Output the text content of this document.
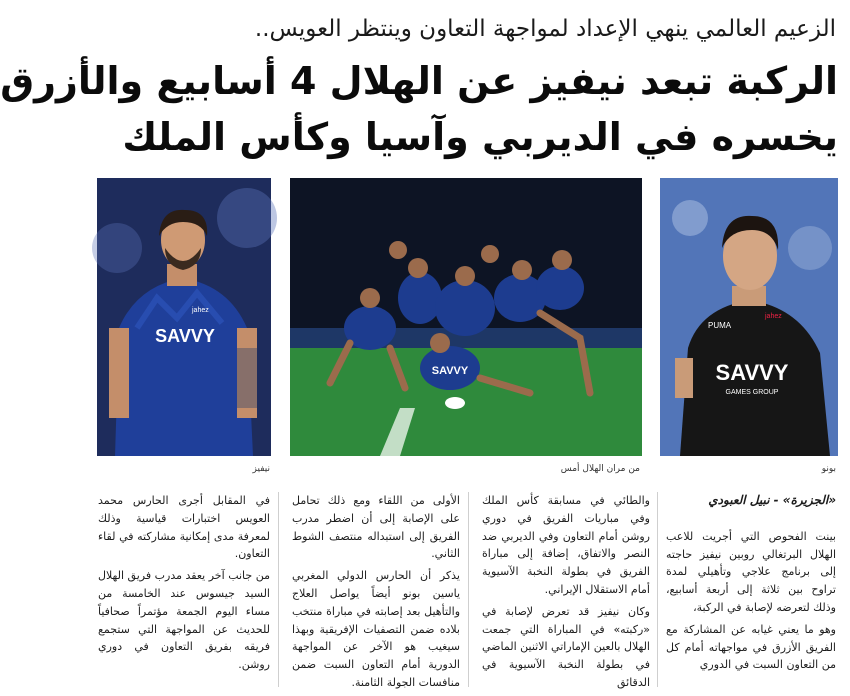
الزعيم العالمي ينهي الإعداد لمواجهة التعاون وينتظر العويس..
الركبة تبعد نيفيز عن الهلال 4 أسابيع والأزرق
يخسره في الديربي وآسيا وكأس الملك
SAVVY
GAMES GROUP
PUMA
jahez
SAVVY
SAVVY
jahez
بونو
من مران الهلال أمس
نيفيز
«الجزيرة» - نبيل العبودي

بينت الفحوص التي أجريت للاعب الهلال البرتغالي روبين نيفيز حاجته إلى برنامج علاجي وتأهيلي لمدة تراوح بين ثلاثة إلى أربعة أسابيع، وذلك لتعرضه لإصابة في الركبة،

وهو ما يعني غيابه عن المشاركة مع الفريق الأزرق في مواجهاته أمام كل من التعاون السبت في الدوري

والطائي في مسابقة كأس الملك وفي مباريات الفريق في دوري روشن أمام التعاون وفي الديربي ضد النصر والاتفاق، إضافة إلى مباراة الفريق في بطولة النخبة الآسيوية أمام الاستقلال الإيراني.

وكان نيفيز قد تعرض لإصابة في «ركبته» في المباراة التي جمعت الهلال بالعين الإماراتي الاثنين الماضي في بطولة النخبة الآسيوية في الدقائق

الأولى من اللقاء ومع ذلك تحامل على الإصابة إلى أن اضطر مدرب الفريق إلى استبداله منتصف الشوط الثاني.

يذكر أن الحارس الدولي المغربي ياسين بونو أيضاً يواصل العلاج والتأهيل بعد إصابته في مباراة منتخب بلاده ضمن التصفيات الإفريقية وبهذا سيغيب هو الآخر عن المواجهة الدورية أمام التعاون السبت ضمن منافسات الجولة الثامنة.

في المقابل أجرى الحارس محمد العويس اختبارات قياسية وذلك لمعرفة مدى إمكانية مشاركته في لقاء التعاون.

من جانب آخر يعقد مدرب فريق الهلال السيد جيسوس عند الخامسة من مساء اليوم الجمعة مؤتمراً صحافياً للحديث عن المواجهة التي ستجمع فريقه بفريق التعاون في دوري روشن.
